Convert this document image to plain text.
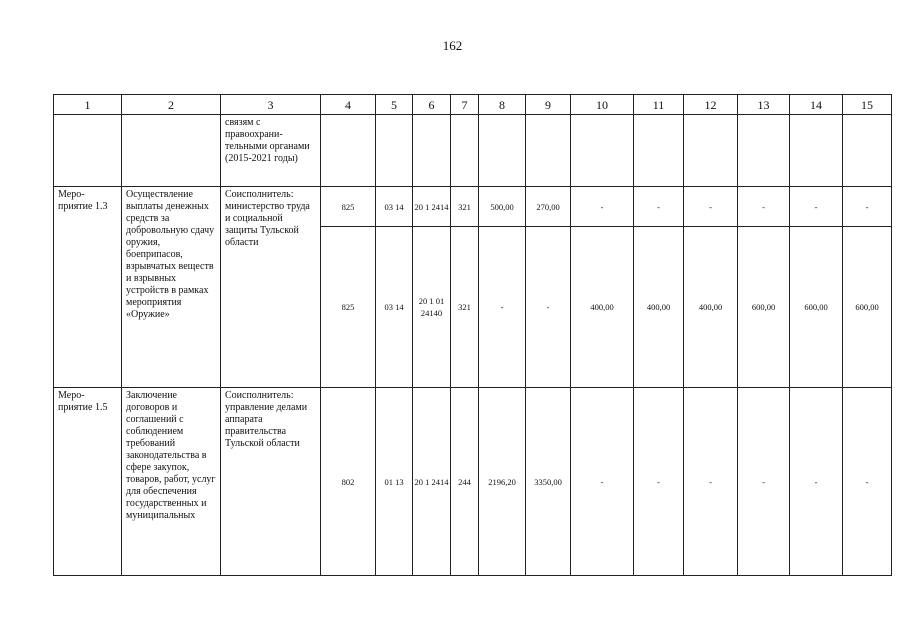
162
1	2	3	4	5	6	7	8	9	10	11	12	13	14	15
		связям с правоохрани-тельными органами (2015-2021 годы)												
Меро-приятие 1.3	Осуществление выплаты денежных средств за добровольную сдачу оружия, боеприпасов, взрывчатых веществ и взрывных устройств в рамках мероприятия «Оружие»	Соисполнитель: министерство труда и социальной защиты Тульской области	825	03 14	20 1 2414	321	500,00	270,00	-	-	-	-	-	-
			825	03 14	20 1 01 24140	321	-	-	400,00	400,00	400,00	600,00	600,00	600,00
Меро-приятие 1.5	Заключение договоров и соглашений с соблюдением требований законодательства в сфере закупок, товаров, работ, услуг для обеспечения государственных и муниципальных	Соисполнитель: управление делами аппарата правительства Тульской области	802	01 13	20 1 2414	244	2196,20	3350,00	-	-	-	-	-	-
